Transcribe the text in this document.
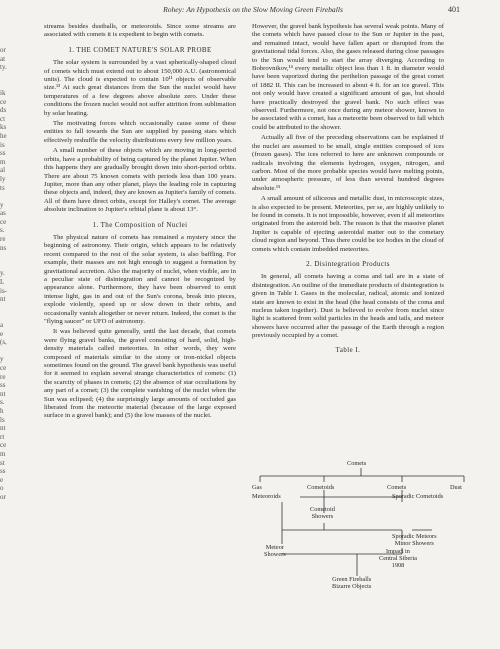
or
at
ty.
ik
ce
ds
ct
ks
he
is
ss
m
al
ly
ts
y
as
ce
s.
re
ns
y.
L
is-
nt
a
e
(s,
y
ce
re
ss
nt
s.
h
ls
nt
rt
ce
m
st
ss
e
o
or
Rohey: An Hypothesis on the Slow Moving Green Fireballs	401

streams besides dustballs, or meteoroids. Since some streams are associated with comets it is expedient to begin with comets.

1. THE COMET NATURE'S SOLAR PROBE

The solar system is surrounded by a vast spherically-shaped cloud of comets which must extend out to about 150,000 A.U. (astronomical units). The cloud is expected to contain 10¹¹ objects of observable size.¹³ At such great distances from the Sun the nuclei would have temperatures of a few degrees above absolute zero. Under these conditions the frozen nuclei would not suffer attrition from sublimation by solar heating.

The motivating forces which occasionally cause some of these entities to fall towards the Sun are supplied by passing stars which effectively reshuffle the velocity distributions every few million years.

A small number of these objects which are moving in long-period orbits, have a probability of being captured by the planet Jupiter. When this happens they are gradually brought down into short-period orbits. There are about 75 known comets with periods less than 100 years. Jupiter, more than any other planet, plays the leading role in capturing these objects and, indeed, they are known as Jupiter's family of comets. All of them have direct orbits, except for Halley's comet. The average absolute inclination to Jupiter's orbital plane is about 13°.

1. The Composition of Nuclei

The physical nature of comets has remained a mystery since the beginning of astronomy. Their origin, which appears to be relatively recent compared to the rest of the solar system, is also baffling. For example, their masses are not high enough to suggest a formation by gravitational accretion. Also the majority of nuclei, when visible, are in a peculiar state of disintegration and cannot be recognized by appearance alone. Furthermore, they have been observed to emit intense light, gas in and out of the Sun's corona, break into pieces, explode violently, speed up or slow down in their orbits, and occasionally vanish altogether or never return. Indeed, the comet is the "flying saucer" or UFO of astronomy.

It was believed quite generally, until the last decade, that comets were flying gravel banks, the gravel consisting of hard, solid, high-density materials called meteorites. In other words, they were composed of materials similar to the stony or iron-nickel objects sometimes found on the ground. The gravel bank hypothesis was useful for it seemed to explain several strange characteristics of comets: (1) the scarcity of phases in comets; (2) the absence of star occultations by any part of a comet; (3) the complete vanishing of the nuclei when the Sun was eclipsed; (4) the surprisingly large amounts of occluded gas liberated from the meteorite material (because of the large exposed surface in a gravel bank); and (5) the low masses of the nuclei.

However, the gravel bank hypothesis has several weak points. Many of the comets which have passed close to the Sun or Jupiter in the past, and remained intact, would have fallen apart or disrupted from the gravitational tidal forces. Also, the gases released during close passages to the Sun would tend to start the array diverging. According to Bobrovnikov,¹⁴ every metallic object less than 1 ft. in diameter would have been vaporized during the perihelion passage of the great comet of 1882 II. This can be increased to about 4 ft. for an ice gravel. This not only would have created a significant amount of gas, but should have practically destroyed the gravel bank. No such effect was observed. Furthermore, not once during any meteor shower, known to be associated with a comet, has a meteorite been observed to fall which could be attributed to the shower.

Actually all five of the preceding observations can be explained if the nuclei are assumed to be small, single entities composed of ices (frozen gases). The ices referred to here are unknown compounds or radicals involving the elements hydrogen, oxygen, nitrogen, and carbon. Most of the more probable species would have melting points, under atmospheric pressure, of less than several hundred degrees absolute.¹⁵

A small amount of siliceous and metallic dust, in microscopic sizes, is also expected to be present. Meteorites, per se, are highly unlikely to be found in comets. It is not impossible, however, even if all meteorites originated from the asteroid belt. The reason is that the massive planet Jupiter is capable of ejecting asteroidal matter out to the cometary cloud region and beyond. Thus there could be ice bodies in the cloud of comets which contain imbedded meteorites.

2. Disintegration Products

In general, all comets having a coma and tail are in a state of disintegration. An outline of the immediate products of disintegration is given in Table I. Gases in the molecular, radical, atomic and ionized state are known to exist in the head (the head consists of the coma and nucleus taken together). Dust is believed to evolve from nuclei since light is scattered from solid particles in the heads and tails, and meteor showers have occurred after the passage of the Earth through a region previously occupied by a comet.

Table I.
Comets
Gas	Cometoids	Comets	Dust
Meteoroids	Sporadic Cometoids
Cometoid
Showers
Sporadic Meteors
Minor Showers
Meteor
Showers	Impact in
Central Siberia
1908
Green Fireballs
Bizarre Objects
